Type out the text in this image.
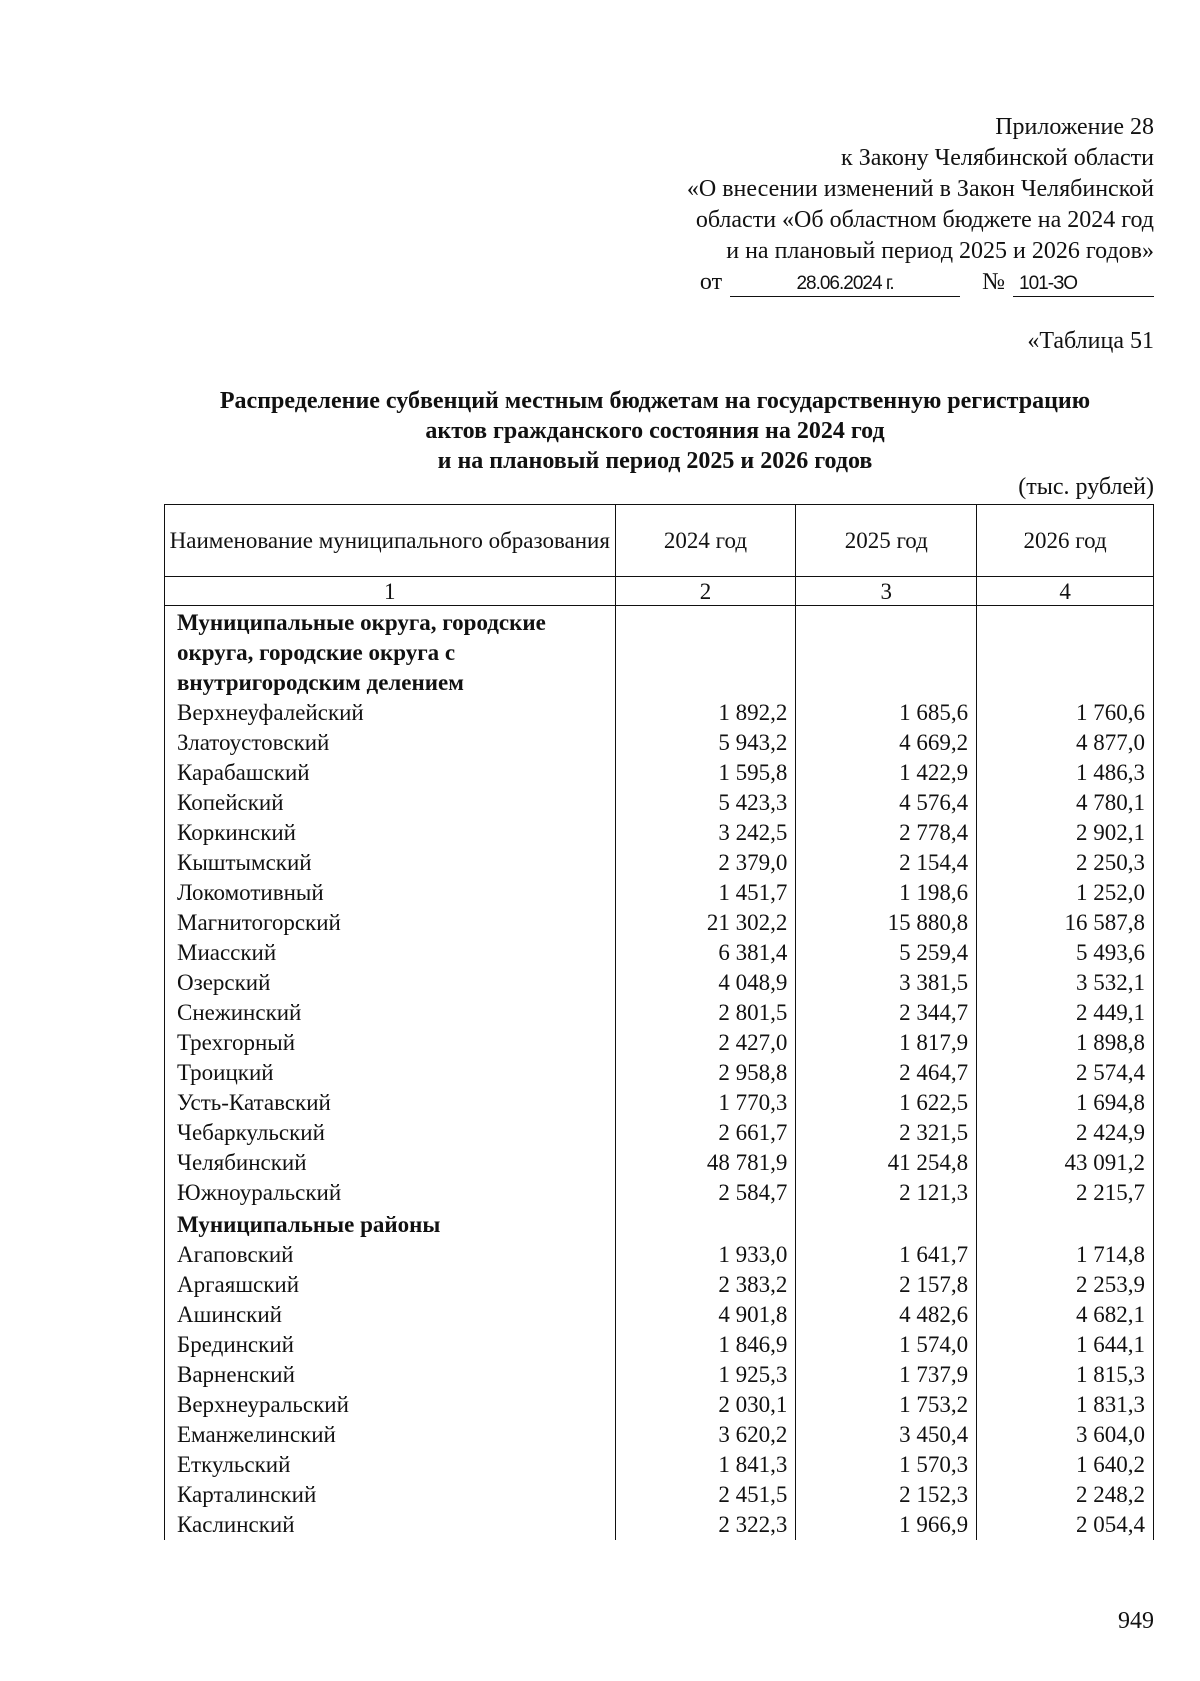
Приложение 28
к Закону Челябинской области
«О внесении изменений в Закон Челябинской
области «Об областном бюджете на 2024 год
и на плановый период 2025 и 2026 годов»
от	28.06.2024 г.	№ 101-ЗО
«Таблица 51
Распределение субвенций местным бюджетам на государственную регистрацию
актов гражданского состояния на 2024 год
и на плановый период 2025 и 2026 годов
(тыс. рублей)
Наименование муниципального образования	2024 год	2025 год	2026 год
1	2	3	4
Муниципальные округа, городские округа, городские округа с внутригородским делением			
Верхнеуфалейский	1 892,2	1 685,6	1 760,6
Златоустовский	5 943,2	4 669,2	4 877,0
Карабашский	1 595,8	1 422,9	1 486,3
Копейский	5 423,3	4 576,4	4 780,1
Коркинский	3 242,5	2 778,4	2 902,1
Кыштымский	2 379,0	2 154,4	2 250,3
Локомотивный	1 451,7	1 198,6	1 252,0
Магнитогорский	21 302,2	15 880,8	16 587,8
Миасский	6 381,4	5 259,4	5 493,6
Озерский	4 048,9	3 381,5	3 532,1
Снежинский	2 801,5	2 344,7	2 449,1
Трехгорный	2 427,0	1 817,9	1 898,8
Троицкий	2 958,8	2 464,7	2 574,4
Усть-Катавский	1 770,3	1 622,5	1 694,8
Чебаркульский	2 661,7	2 321,5	2 424,9
Челябинский	48 781,9	41 254,8	43 091,2
Южноуральский	2 584,7	2 121,3	2 215,7
Муниципальные районы			
Агаповский	1 933,0	1 641,7	1 714,8
Аргаяшский	2 383,2	2 157,8	2 253,9
Ашинский	4 901,8	4 482,6	4 682,1
Брединский	1 846,9	1 574,0	1 644,1
Варненский	1 925,3	1 737,9	1 815,3
Верхнеуральский	2 030,1	1 753,2	1 831,3
Еманжелинский	3 620,2	3 450,4	3 604,0
Еткульский	1 841,3	1 570,3	1 640,2
Карталинский	2 451,5	2 152,3	2 248,2
Каслинский	2 322,3	1 966,9	2 054,4
949
